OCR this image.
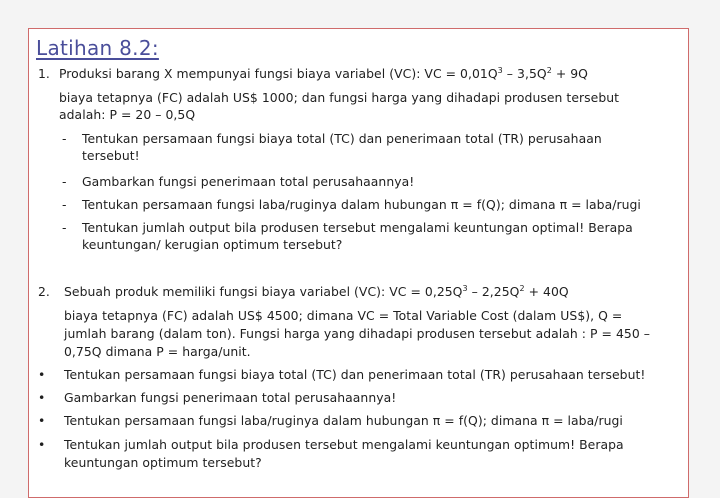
Latihan 8.2:
1. Produksi barang X mempunyai fungsi biaya variabel (VC): VC = $0,01Q^3 - 3,5Q^2 + 9Q$
biaya tetapnya (FC) adalah US$ 1000; dan fungsi harga yang dihadapi produsen tersebut
adalah: P = 20 – 0,5Q
- Tentukan persamaan fungsi biaya total (TC) dan penerimaan total (TR) perusahaan
tersebut!
- Gambarkan fungsi penerimaan total perusahaannya!
- Tentukan persamaan fungsi laba/ruginya dalam hubungan π = f(Q); dimana π = laba/rugi
- Tentukan jumlah output bila produsen tersebut mengalami keuntungan optimal! Berapa
keuntungan/ kerugian optimum tersebut?
2. Sebuah produk memiliki fungsi biaya variabel (VC): VC = $0,25Q^3 - 2,25Q^2 + 40Q$
biaya tetapnya (FC) adalah US$ 4500; dimana VC = Total Variable Cost (dalam US$), Q =
jumlah barang (dalam ton). Fungsi harga yang dihadapi produsen tersebut adalah : P = 450 –
0,75Q dimana P = harga/unit.
• Tentukan persamaan fungsi biaya total (TC) dan penerimaan total (TR) perusahaan tersebut!
• Gambarkan fungsi penerimaan total perusahaannya!
• Tentukan persamaan fungsi laba/ruginya dalam hubungan π = f(Q); dimana π = laba/rugi
• Tentukan jumlah output bila produsen tersebut mengalami keuntungan optimum! Berapa
keuntungan optimum tersebut?
